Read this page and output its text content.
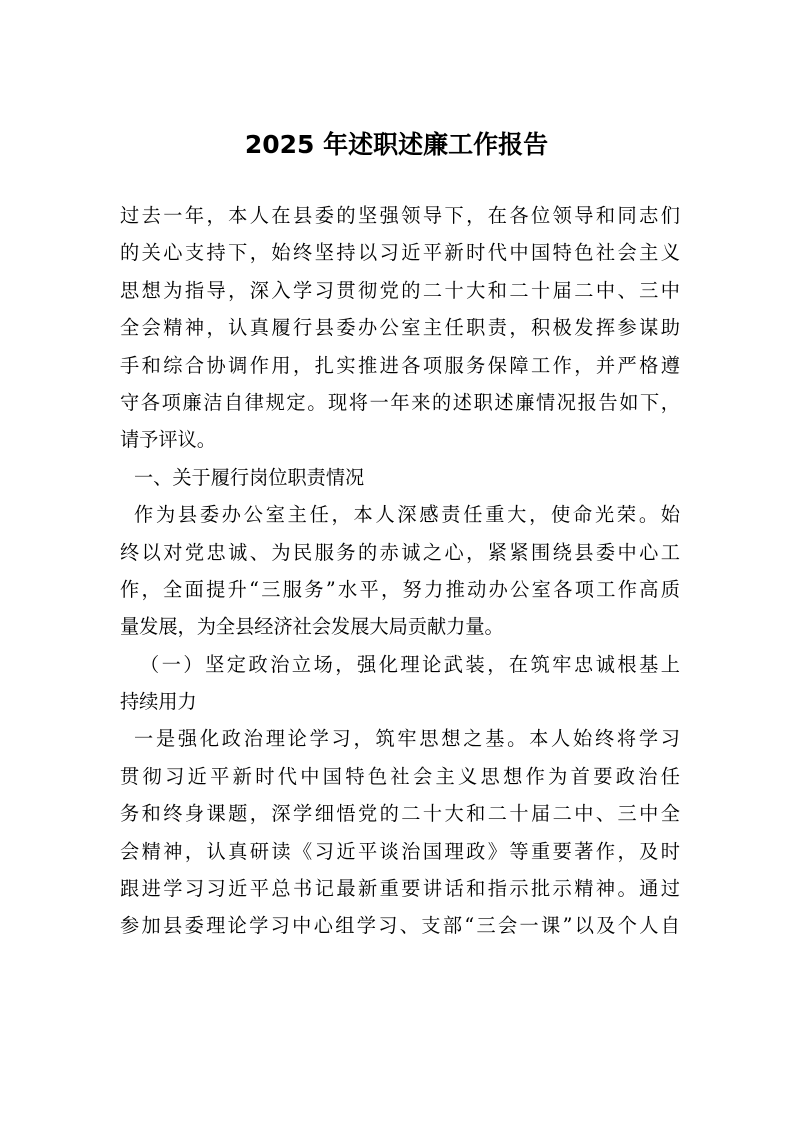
2025 年述职述廉工作报告
过去一年，本人在县委的坚强领导下，在各位领导和同志们
的关心支持下，始终坚持以习近平新时代中国特色社会主义
思想为指导，深入学习贯彻党的二十大和二十届二中、三中
全会精神，认真履行县委办公室主任职责，积极发挥参谋助
手和综合协调作用，扎实推进各项服务保障工作，并严格遵
守各项廉洁自律规定。现将一年来的述职述廉情况报告如下，
请予评议。
一、关于履行岗位职责情况
作为县委办公室主任，本人深感责任重大，使命光荣。始
终以对党忠诚、为民服务的赤诚之心，紧紧围绕县委中心工
作，全面提升“三服务”水平，努力推动办公室各项工作高质
量发展，为全县经济社会发展大局贡献力量。
（一）坚定政治立场，强化理论武装，在筑牢忠诚根基上
持续用力
一是强化政治理论学习，筑牢思想之基。本人始终将学习
贯彻习近平新时代中国特色社会主义思想作为首要政治任
务和终身课题，深学细悟党的二十大和二十届二中、三中全
会精神，认真研读《习近平谈治国理政》等重要著作，及时
跟进学习习近平总书记最新重要讲话和指示批示精神。通过
参加县委理论学习中心组学习、支部“三会一课”以及个人自
